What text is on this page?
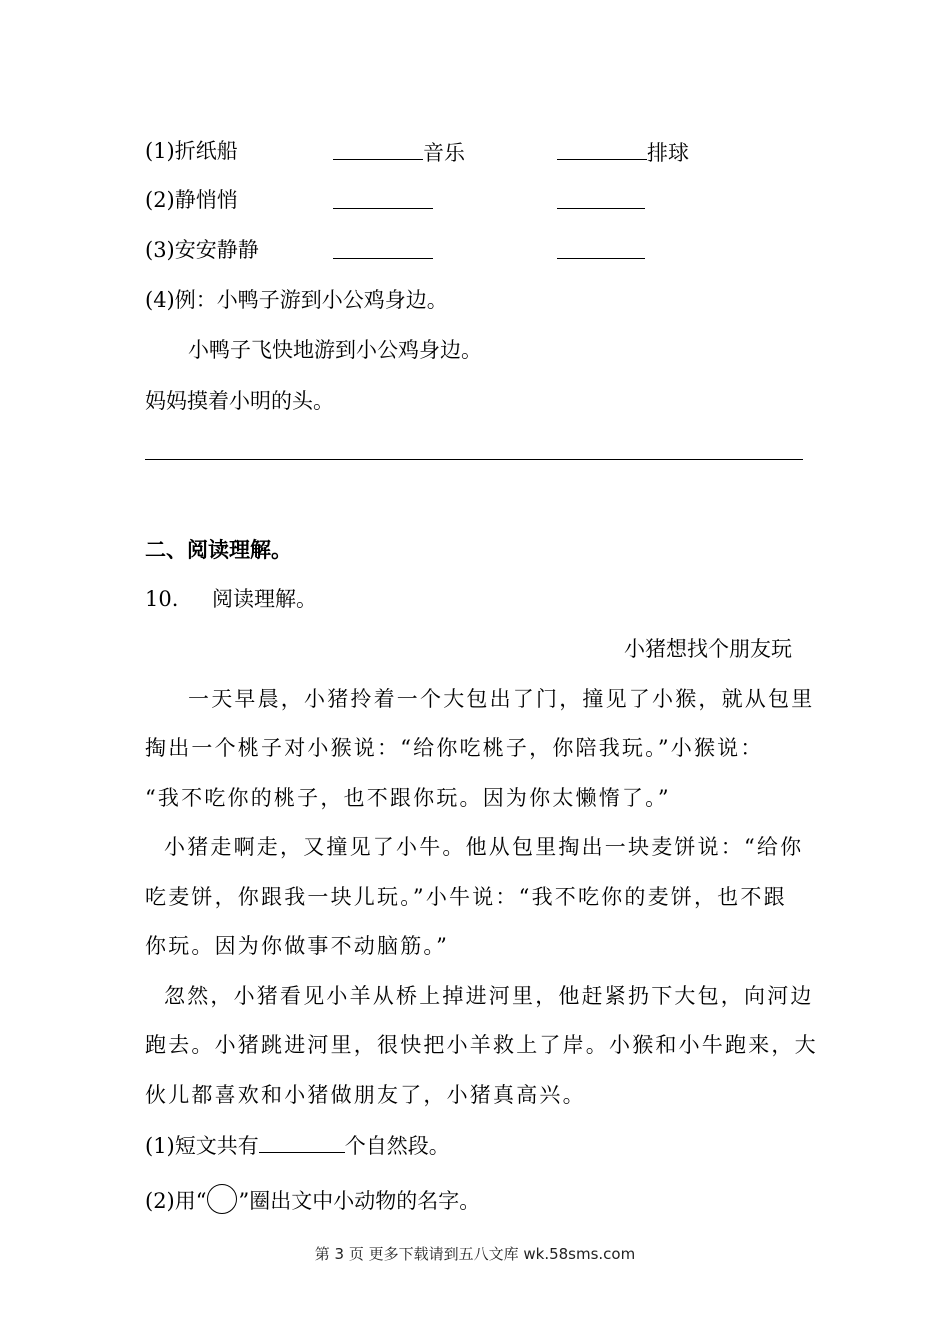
(1)折纸船	音乐	排球
(2)静悄悄
(3)安安静静
(4)例：小鸭子游到小公鸡身边。
小鸭子飞快地游到小公鸡身边。
妈妈摸着小明的头。
二、阅读理解。
10. 阅读理解。
小猪想找个朋友玩
一天早晨，小猪拎着一个大包出了门，撞见了小猴，就从包里
掏出一个桃子对小猴说：“给你吃桃子，你陪我玩。”小猴说：
“我不吃你的桃子，也不跟你玩。因为你太懒惰了。”
小猪走啊走，又撞见了小牛。他从包里掏出一块麦饼说：“给你
吃麦饼，你跟我一块儿玩。”小牛说：“我不吃你的麦饼，也不跟
你玩。因为你做事不动脑筋。”
忽然，小猪看见小羊从桥上掉进河里，他赶紧扔下大包，向河边
跑去。小猪跳进河里，很快把小羊救上了岸。小猴和小牛跑来，大
伙儿都喜欢和小猪做朋友了，小猪真高兴。
(1)短文共有	个自然段。
(2)用“ ”圈出文中小动物的名字。
第 3 页 更多下载请到五八文库 wk.58sms.com
